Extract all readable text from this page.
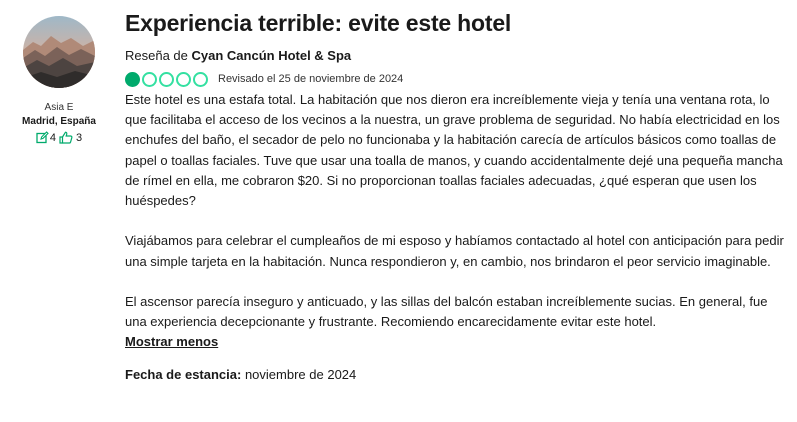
Asia E
Madrid, España
4 3
Experiencia terrible: evite este hotel
Reseña de Cyan Cancún Hotel & Spa
Revisado el 25 de noviembre de 2024

Este hotel es una estafa total. La habitación que nos dieron era increíblemente vieja y tenía una ventana rota, lo que facilitaba el acceso de los vecinos a la nuestra, un grave problema de seguridad. No había electricidad en los enchufes del baño, el secador de pelo no funcionaba y la habitación carecía de artículos básicos como toallas de papel o toallas faciales. Tuve que usar una toalla de manos, y cuando accidentalmente dejé una pequeña mancha de rímel en ella, me cobraron $20. Si no proporcionan toallas faciales adecuadas, ¿qué esperan que usen los huéspedes?

Viajábamos para celebrar el cumpleaños de mi esposo y habíamos contactado al hotel con anticipación para pedir una simple tarjeta en la habitación. Nunca respondieron y, en cambio, nos brindaron el peor servicio imaginable.

El ascensor parecía inseguro y anticuado, y las sillas del balcón estaban increíblemente sucias. En general, fue una experiencia decepcionante y frustrante. Recomiendo encarecidamente evitar este hotel.

Mostrar menos
Fecha de estancia: noviembre de 2024
